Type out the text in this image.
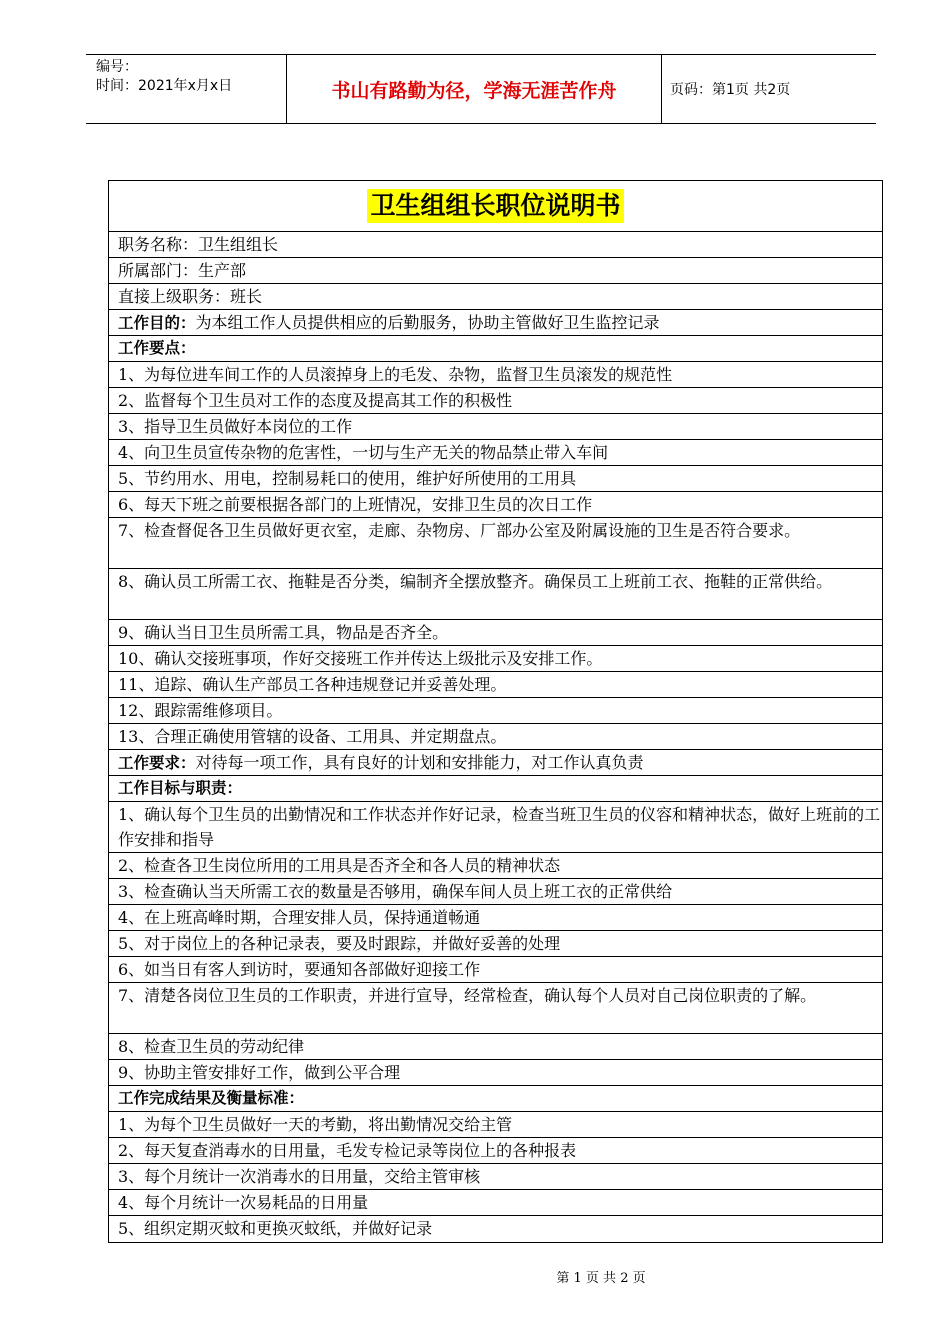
编号：
时间：2021年x月x日	书山有路勤为径，学海无涯苦作舟	页码：第1页 共2页
卫生组组长职位说明书
职务名称：卫生组组长
所属部门：生产部
直接上级职务：班长
工作目的：为本组工作人员提供相应的后勤服务，协助主管做好卫生监控记录
工作要点：
1、为每位进车间工作的人员滚掉身上的毛发、杂物，监督卫生员滚发的规范性
2、监督每个卫生员对工作的态度及提高其工作的积极性
3、指导卫生员做好本岗位的工作
4、向卫生员宣传杂物的危害性，一切与生产无关的物品禁止带入车间
5、节约用水、用电，控制易耗口的使用，维护好所使用的工用具
6、每天下班之前要根据各部门的上班情况，安排卫生员的次日工作
7、检查督促各卫生员做好更衣室，走廊、杂物房、厂部办公室及附属设施的卫生是否符合要求。
8、确认员工所需工衣、拖鞋是否分类，编制齐全摆放整齐。确保员工上班前工衣、拖鞋的正常供给。
9、确认当日卫生员所需工具，物品是否齐全。
10、确认交接班事项，作好交接班工作并传达上级批示及安排工作。
11、追踪、确认生产部员工各种违规登记并妥善处理。
12、跟踪需维修项目。
13、合理正确使用管辖的设备、工用具、并定期盘点。
工作要求：对待每一项工作，具有良好的计划和安排能力，对工作认真负责
工作目标与职责：
1、确认每个卫生员的出勤情况和工作状态并作好记录，检查当班卫生员的仪容和精神状态，做好上班前的工作安排和指导
2、检查各卫生岗位所用的工用具是否齐全和各人员的精神状态
3、检查确认当天所需工衣的数量是否够用，确保车间人员上班工衣的正常供给
4、在上班高峰时期，合理安排人员，保持通道畅通
5、对于岗位上的各种记录表，要及时跟踪，并做好妥善的处理
6、如当日有客人到访时，要通知各部做好迎接工作
7、清楚各岗位卫生员的工作职责，并进行宣导，经常检查，确认每个人员对自己岗位职责的了解。
8、检查卫生员的劳动纪律
9、协助主管安排好工作，做到公平合理
工作完成结果及衡量标准：
1、为每个卫生员做好一天的考勤，将出勤情况交给主管
2、每天复查消毒水的日用量，毛发专检记录等岗位上的各种报表
3、每个月统计一次消毒水的日用量，交给主管审核
4、每个月统计一次易耗品的日用量
5、组织定期灭蚊和更换灭蚊纸，并做好记录
第 1 页 共 2 页
